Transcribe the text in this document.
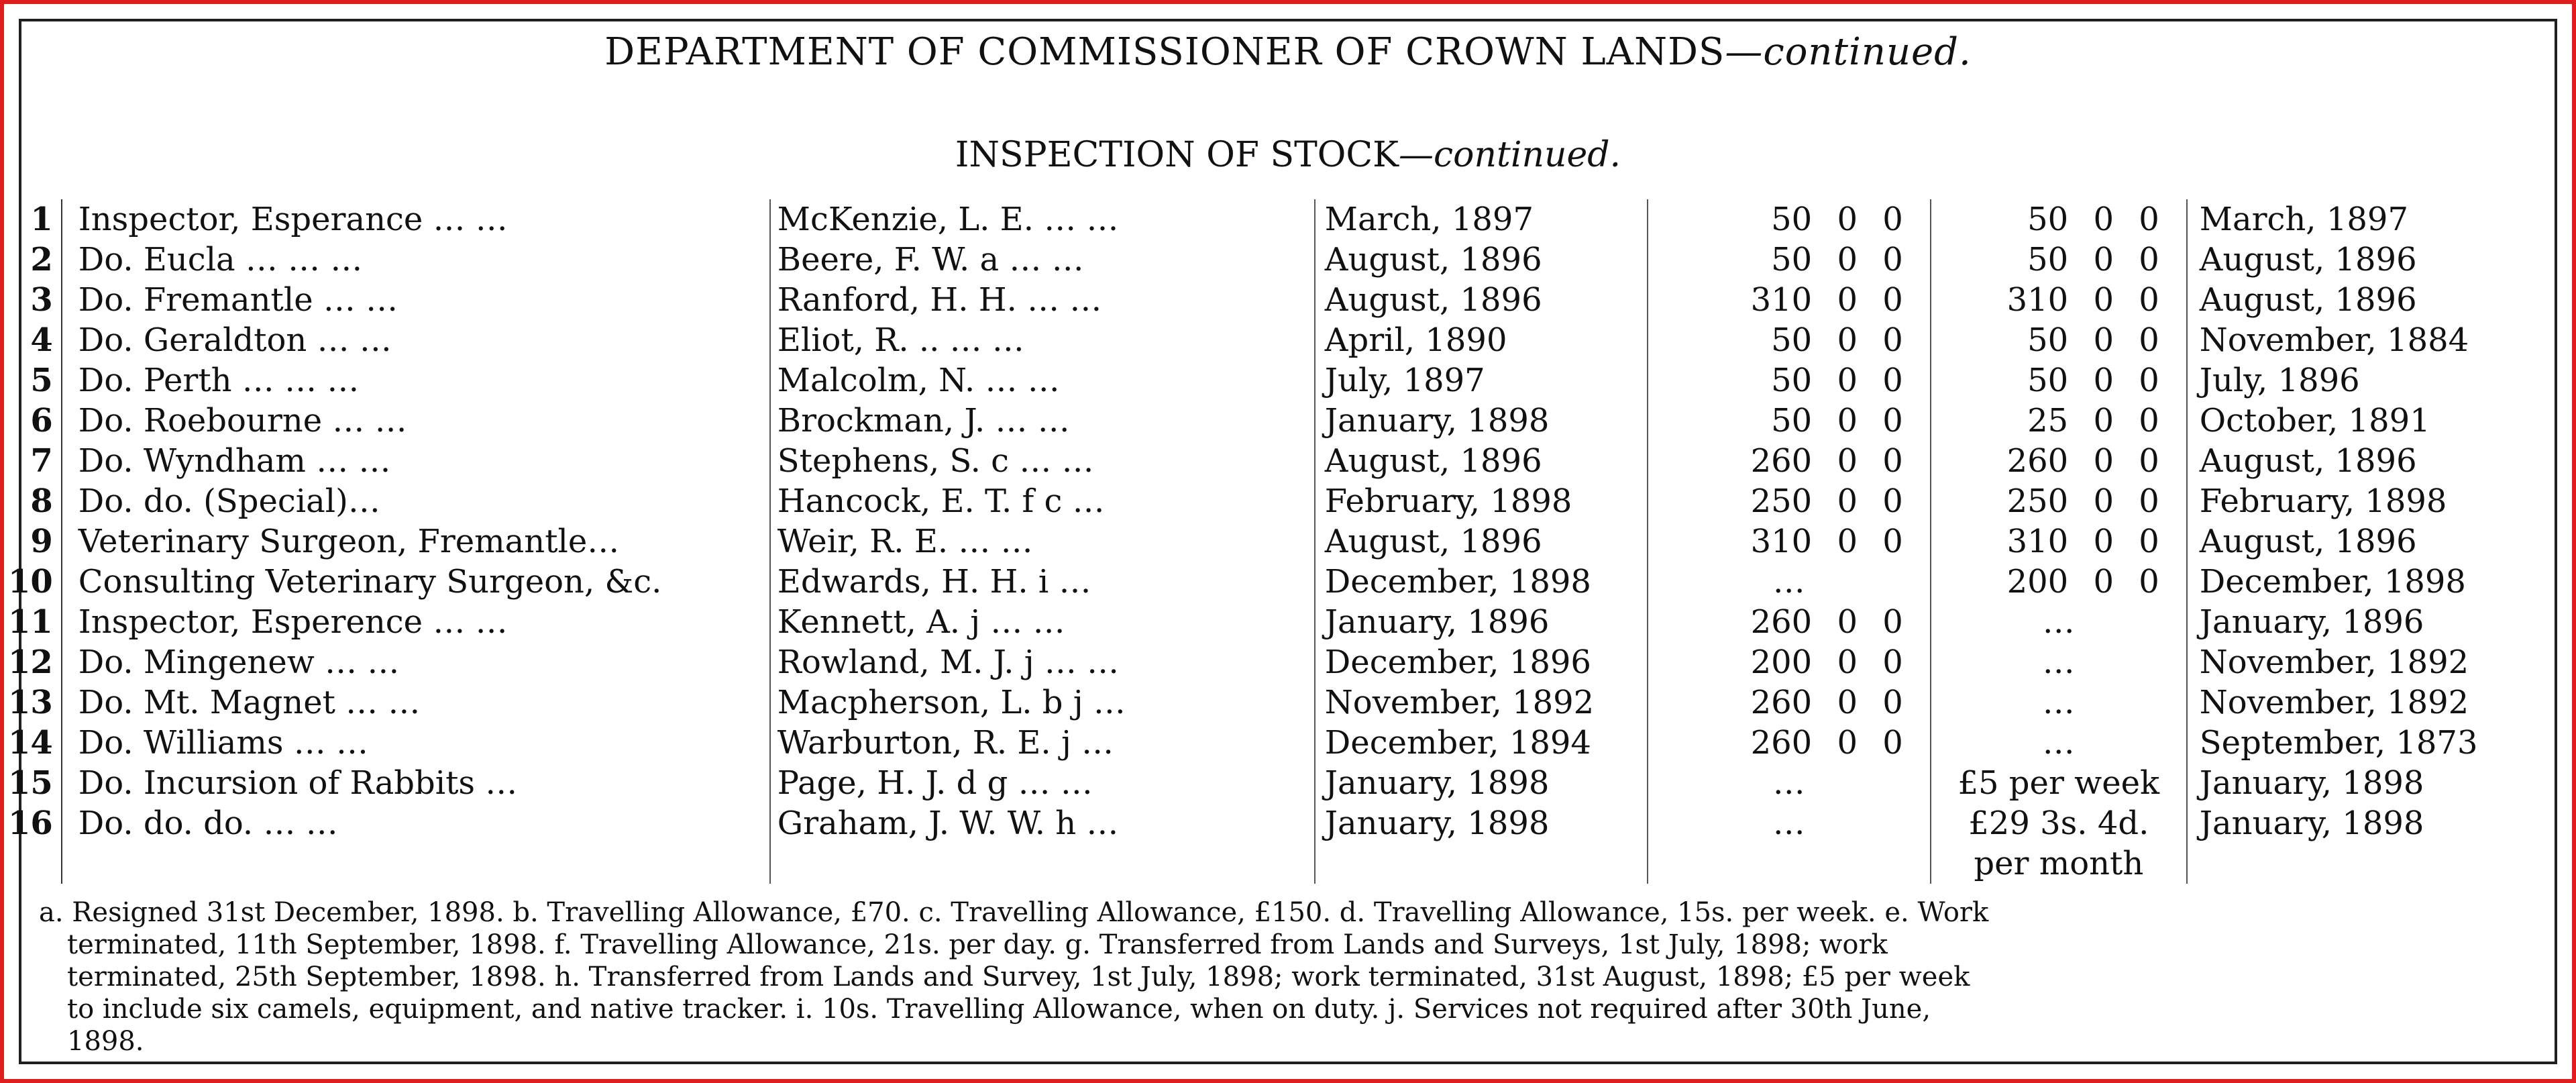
DEPARTMENT OF COMMISSIONER OF CROWN LANDS—continued.
INSPECTION OF STOCK—continued.
1	Inspector, Esperance … …	McKenzie, L. E. … …	March, 1897	50 0 0	50 0 0	March, 1897
2	Do. Eucla … … …	Beere, F. W. a … …	August, 1896	50 0 0	50 0 0	August, 1896
3	Do. Fremantle … …	Ranford, H. H. … …	August, 1896	310 0 0	310 0 0	August, 1896
4	Do. Geraldton … …	Eliot, R. .. … …	April, 1890	50 0 0	50 0 0	November, 1884
5	Do. Perth … … …	Malcolm, N. … …	July, 1897	50 0 0	50 0 0	July, 1896
6	Do. Roebourne … …	Brockman, J. … …	January, 1898	50 0 0	25 0 0	October, 1891
7	Do. Wyndham … …	Stephens, S. c … …	August, 1896	260 0 0	260 0 0	August, 1896
8	Do. do. (Special)…	Hancock, E. T. f c …	February, 1898	250 0 0	250 0 0	February, 1898
9	Veterinary Surgeon, Fremantle…	Weir, R. E. … …	August, 1896	310 0 0	310 0 0	August, 1896
10	Consulting Veterinary Surgeon, &c.	Edwards, H. H. i …	December, 1898	…	200 0 0	December, 1898
11	Inspector, Esperence … …	Kennett, A. j … …	January, 1896	260 0 0	…	January, 1896
12	Do. Mingenew … …	Rowland, M. J. j … …	December, 1896	200 0 0	…	November, 1892
13	Do. Mt. Magnet … …	Macpherson, L. b j …	November, 1892	260 0 0	…	November, 1892
14	Do. Williams … …	Warburton, R. E. j …	December, 1894	260 0 0	…	September, 1873
15	Do. Incursion of Rabbits …	Page, H. J. d g … …	January, 1898	…	£5 per week	January, 1898
16	Do. do. do. … …	Graham, J. W. W. h …	January, 1898	…	£29 3s. 4d.	January, 1898
					per month	
a. Resigned 31st December, 1898. b. Travelling Allowance, £70. c. Travelling Allowance, £150. d. Travelling Allowance, 15s. per week. e. Work
terminated, 11th September, 1898. f. Travelling Allowance, 21s. per day. g. Transferred from Lands and Surveys, 1st July, 1898; work
terminated, 25th September, 1898. h. Transferred from Lands and Survey, 1st July, 1898; work terminated, 31st August, 1898; £5 per week
to include six camels, equipment, and native tracker. i. 10s. Travelling Allowance, when on duty. j. Services not required after 30th June,
1898.
